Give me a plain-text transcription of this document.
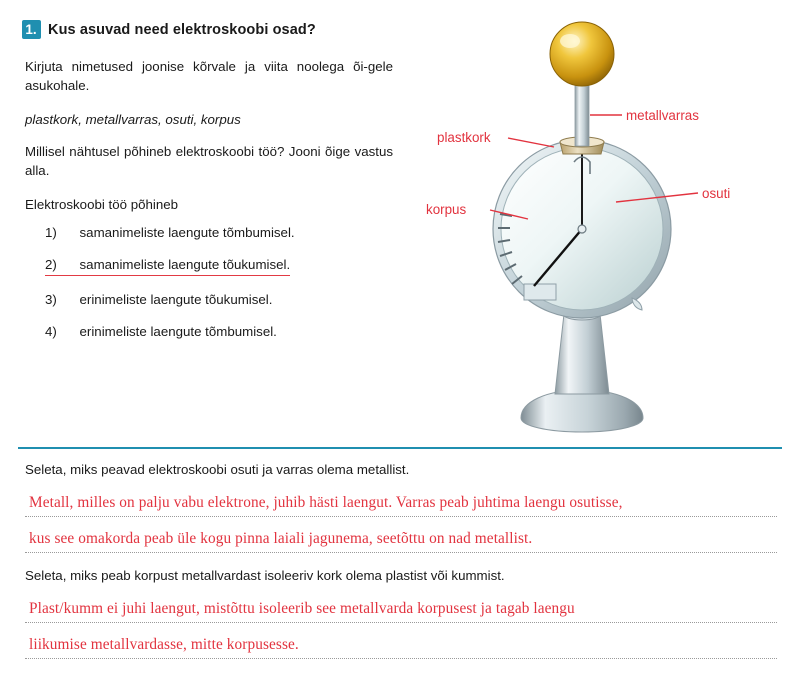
1. Kus asuvad need elektroskoobi osad?

Kirjuta nimetused joonise kõrvale ja viita noolega õi-gele asukohale.

plastkork, metallvarras, osuti, korpus

Millisel nähtusel põhineb elektroskoobi töö? Jooni õige vastus alla.

Elektroskoobi töö põhineb

1) samanimeliste laengute tõmbumisel.
2) samanimeliste laengute tõukumisel.
3) erinimeliste laengute tõukumisel.
4) erinimeliste laengute tõmbumisel.
metallvarras
plastkork
osuti
korpus

Seleta, miks peavad elektroskoobi osuti ja varras olema metallist.

Metall, milles on palju vabu elektrone, juhib hästi laengut. Varras peab juhtima laengu osutisse,
kus see omakorda peab üle kogu pinna laiali jagunema, seetõttu on nad metallist.

Seleta, miks peab korpust metallvardast isoleeriv kork olema plastist või kummist.

Plast/kumm ei juhi laengut, mistõttu isoleerib see metallvarda korpusest ja tagab laengu
liikumise metallvardasse, mitte korpusesse.
